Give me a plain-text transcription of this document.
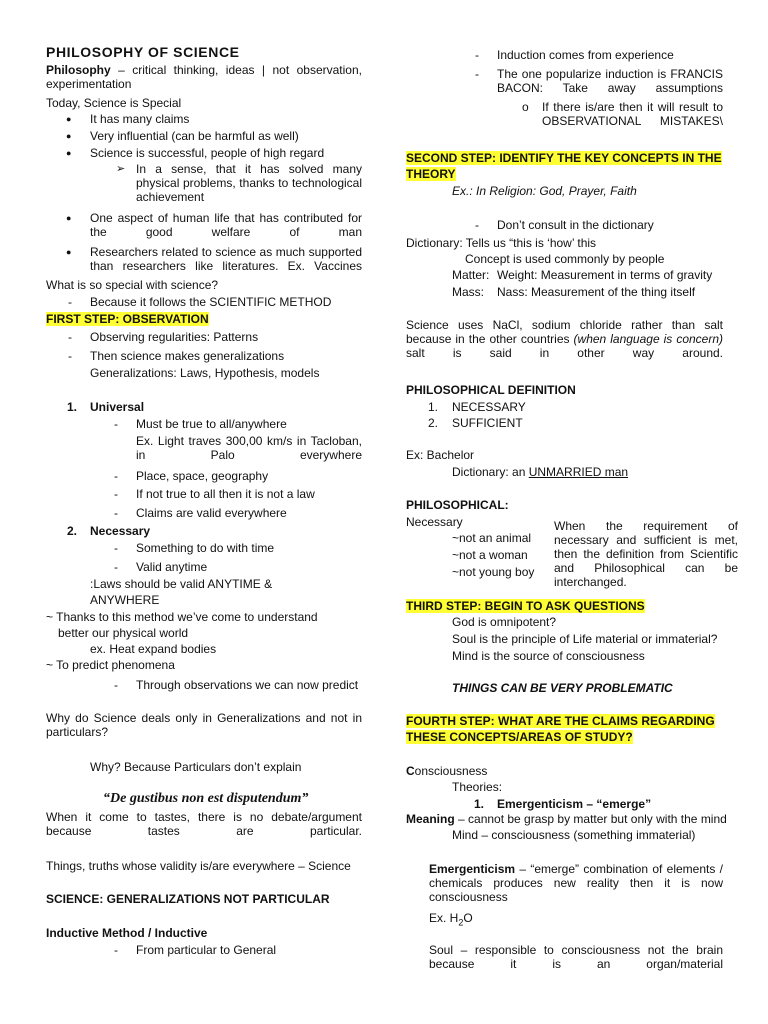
PHILOSOPHY OF SCIENCE
Philosophy – critical thinking, ideas | not observation, experimentation
Today, Science is Special
● It has many claims
● Very influential (can be harmful as well)
● Science is successful, people of high regard
➢ In a sense, that it has solved many physical problems, thanks to technological achievement
● One aspect of human life that has contributed for the good welfare of man
● Researchers related to science as much supported than researchers like literatures. Ex. Vaccines
What is so special with science?
- Because it follows the SCIENTIFIC METHOD
FIRST STEP: OBSERVATION
- Observing regularities: Patterns
- Then science makes generalizations
Generalizations: Laws, Hypothesis, models
1. Universal
- Must be true to all/anywhere
Ex. Light traves 300,00 km/s in Tacloban, in Palo everywhere
- Place, space, geography
- If not true to all then it is not a law
- Claims are valid everywhere
2. Necessary
- Something to do with time
- Valid anytime
:Laws should be valid ANYTIME &
ANYWHERE
~ Thanks to this method we’ve come to understand
better our physical world
ex. Heat expand bodies
~ To predict phenomena
- Through observations we can now predict
Why do Science deals only in Generalizations and not in particulars?
Why? Because Particulars don’t explain
“De gustibus non est disputendum”
When it come to tastes, there is no debate/argument because tastes are particular.
Things, truths whose validity is/are everywhere – Science
SCIENCE: GENERALIZATIONS NOT PARTICULAR
Inductive Method / Inductive
- From particular to General
- Induction comes from experience
- The one popularize induction is FRANCIS BACON: Take away assumptions
o If there is/are then it will result to OBSERVATIONAL MISTAKES\
SECOND STEP: IDENTIFY THE KEY CONCEPTS IN THE
THEORY
Ex.: In Religion: God, Prayer, Faith
- Don’t consult in the dictionary
Dictionary: Tells us “this is ‘how’ this
Concept is used commonly by people
Matter: Weight: Measurement in terms of gravity
Mass: Nass: Measurement of the thing itself
Science uses NaCl, sodium chloride rather than salt because in the other countries (when language is concern) salt is said in other way around.
PHILOSOPHICAL DEFINITION
1. NECESSARY
2. SUFFICIENT
Ex: Bachelor
Dictionary: an UNMARRIED man
PHILOSOPHICAL:
Necessary
~not an animal
~not a woman
~not young boy
When the requirement of necessary and sufficient is met, then the definition from Scientific and Philosophical can be interchanged.
THIRD STEP: BEGIN TO ASK QUESTIONS
God is omnipotent?
Soul is the principle of Life material or immaterial?
Mind is the source of consciousness
THINGS CAN BE VERY PROBLEMATIC
FOURTH STEP: WHAT ARE THE CLAIMS REGARDING
THESE CONCEPTS/AREAS OF STUDY?
Consciousness
Theories:
1. Emergenticism – “emerge”
Meaning – cannot be grasp by matter but only with the mind
Mind – consciousness (something immaterial)
Emergenticism – “emerge” combination of elements / chemicals produces new reality then it is now consciousness
Ex. $H_2O$
Soul – responsible to consciousness not the brain because it is an organ/material
